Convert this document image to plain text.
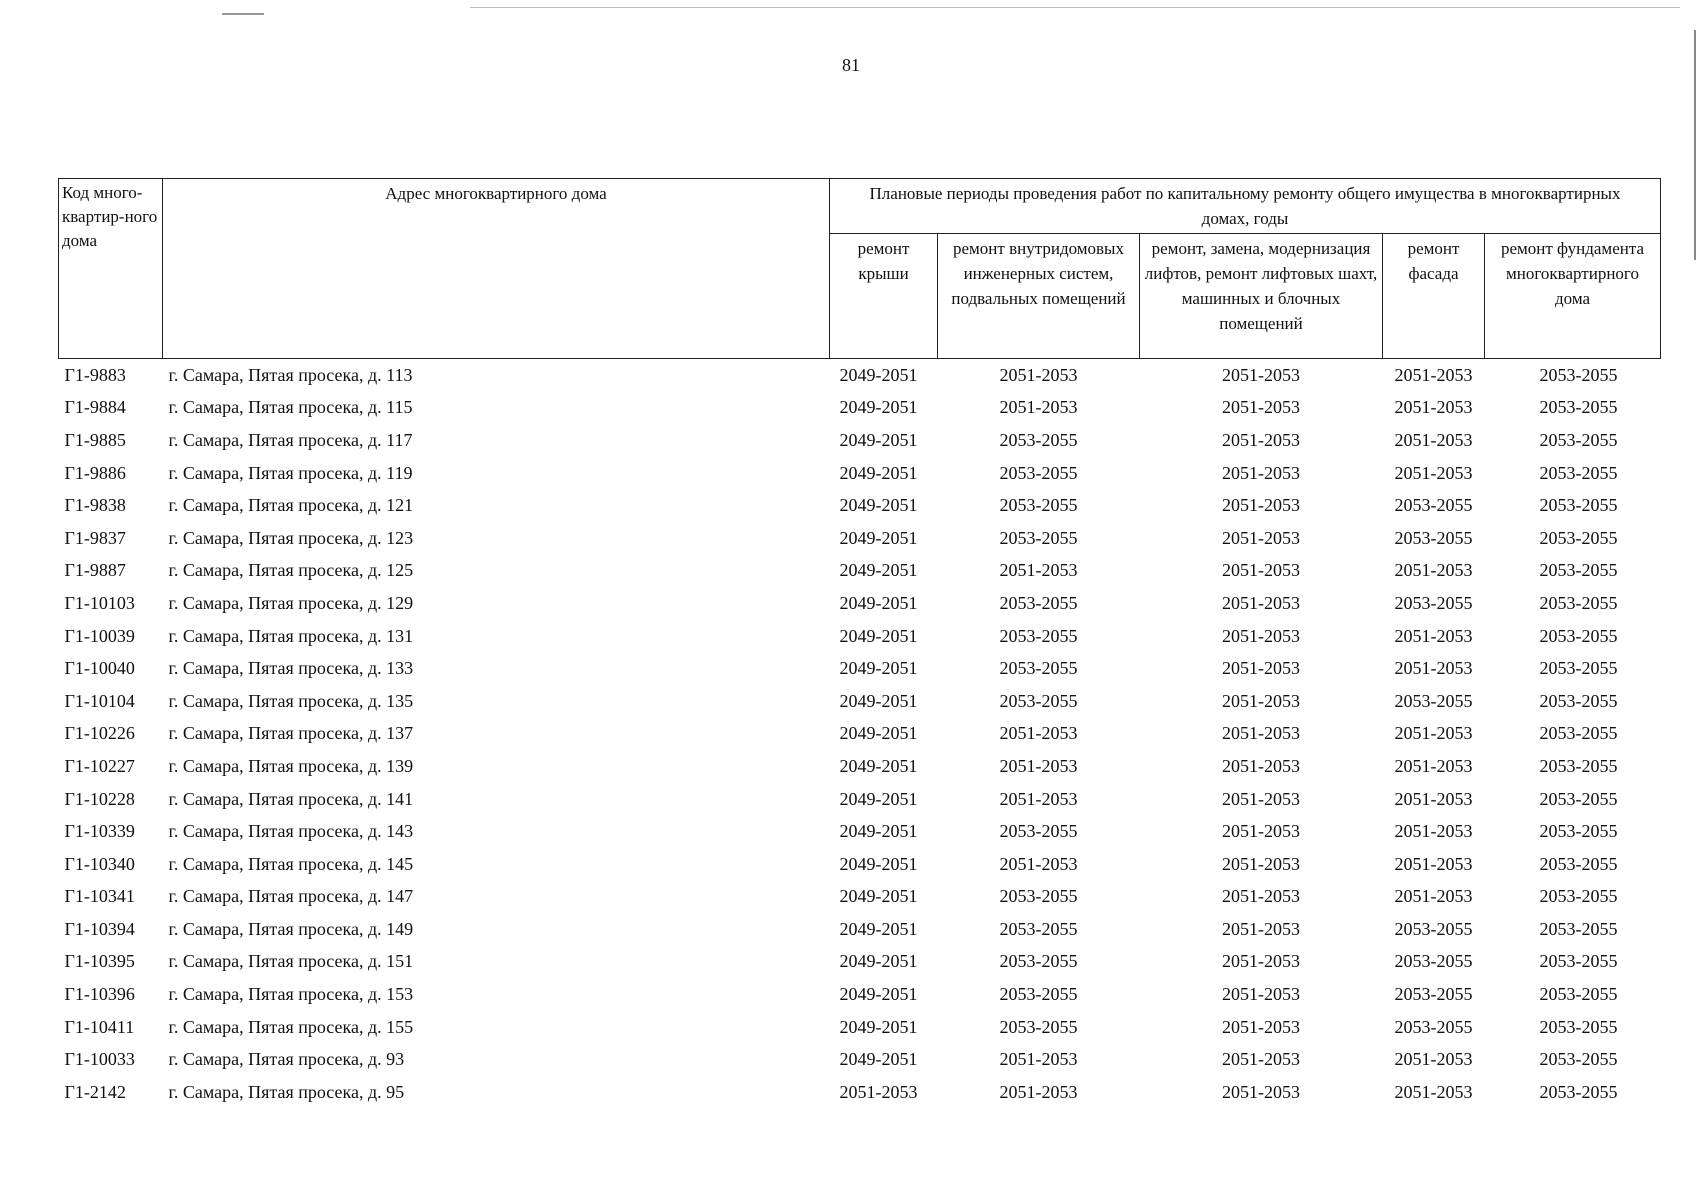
81
Код много-квартир-ного дома	Адрес многоквартирного дома	Плановые периоды проведения работ по капитальному ремонту общего имущества в многоквартирных домах, годы				
		ремонт крыши	ремонт внутридомовых инженерных систем, подвальных помещений	ремонт, замена, модернизация лифтов, ремонт лифтовых шахт, машинных и блочных помещений	ремонт фасада	ремонт фундамента многоквартирного дома
Г1-9883	г. Самара, Пятая просека, д. 113	2049-2051	2051-2053	2051-2053	2051-2053	2053-2055
Г1-9884	г. Самара, Пятая просека, д. 115	2049-2051	2051-2053	2051-2053	2051-2053	2053-2055
Г1-9885	г. Самара, Пятая просека, д. 117	2049-2051	2053-2055	2051-2053	2051-2053	2053-2055
Г1-9886	г. Самара, Пятая просека, д. 119	2049-2051	2053-2055	2051-2053	2051-2053	2053-2055
Г1-9838	г. Самара, Пятая просека, д. 121	2049-2051	2053-2055	2051-2053	2053-2055	2053-2055
Г1-9837	г. Самара, Пятая просека, д. 123	2049-2051	2053-2055	2051-2053	2053-2055	2053-2055
Г1-9887	г. Самара, Пятая просека, д. 125	2049-2051	2051-2053	2051-2053	2051-2053	2053-2055
Г1-10103	г. Самара, Пятая просека, д. 129	2049-2051	2053-2055	2051-2053	2053-2055	2053-2055
Г1-10039	г. Самара, Пятая просека, д. 131	2049-2051	2053-2055	2051-2053	2051-2053	2053-2055
Г1-10040	г. Самара, Пятая просека, д. 133	2049-2051	2053-2055	2051-2053	2051-2053	2053-2055
Г1-10104	г. Самара, Пятая просека, д. 135	2049-2051	2053-2055	2051-2053	2053-2055	2053-2055
Г1-10226	г. Самара, Пятая просека, д. 137	2049-2051	2051-2053	2051-2053	2051-2053	2053-2055
Г1-10227	г. Самара, Пятая просека, д. 139	2049-2051	2051-2053	2051-2053	2051-2053	2053-2055
Г1-10228	г. Самара, Пятая просека, д. 141	2049-2051	2051-2053	2051-2053	2051-2053	2053-2055
Г1-10339	г. Самара, Пятая просека, д. 143	2049-2051	2053-2055	2051-2053	2051-2053	2053-2055
Г1-10340	г. Самара, Пятая просека, д. 145	2049-2051	2051-2053	2051-2053	2051-2053	2053-2055
Г1-10341	г. Самара, Пятая просека, д. 147	2049-2051	2053-2055	2051-2053	2051-2053	2053-2055
Г1-10394	г. Самара, Пятая просека, д. 149	2049-2051	2053-2055	2051-2053	2053-2055	2053-2055
Г1-10395	г. Самара, Пятая просека, д. 151	2049-2051	2053-2055	2051-2053	2053-2055	2053-2055
Г1-10396	г. Самара, Пятая просека, д. 153	2049-2051	2053-2055	2051-2053	2053-2055	2053-2055
Г1-10411	г. Самара, Пятая просека, д. 155	2049-2051	2053-2055	2051-2053	2053-2055	2053-2055
Г1-10033	г. Самара, Пятая просека, д. 93	2049-2051	2051-2053	2051-2053	2051-2053	2053-2055
Г1-2142	г. Самара, Пятая просека, д. 95	2051-2053	2051-2053	2051-2053	2051-2053	2053-2055
